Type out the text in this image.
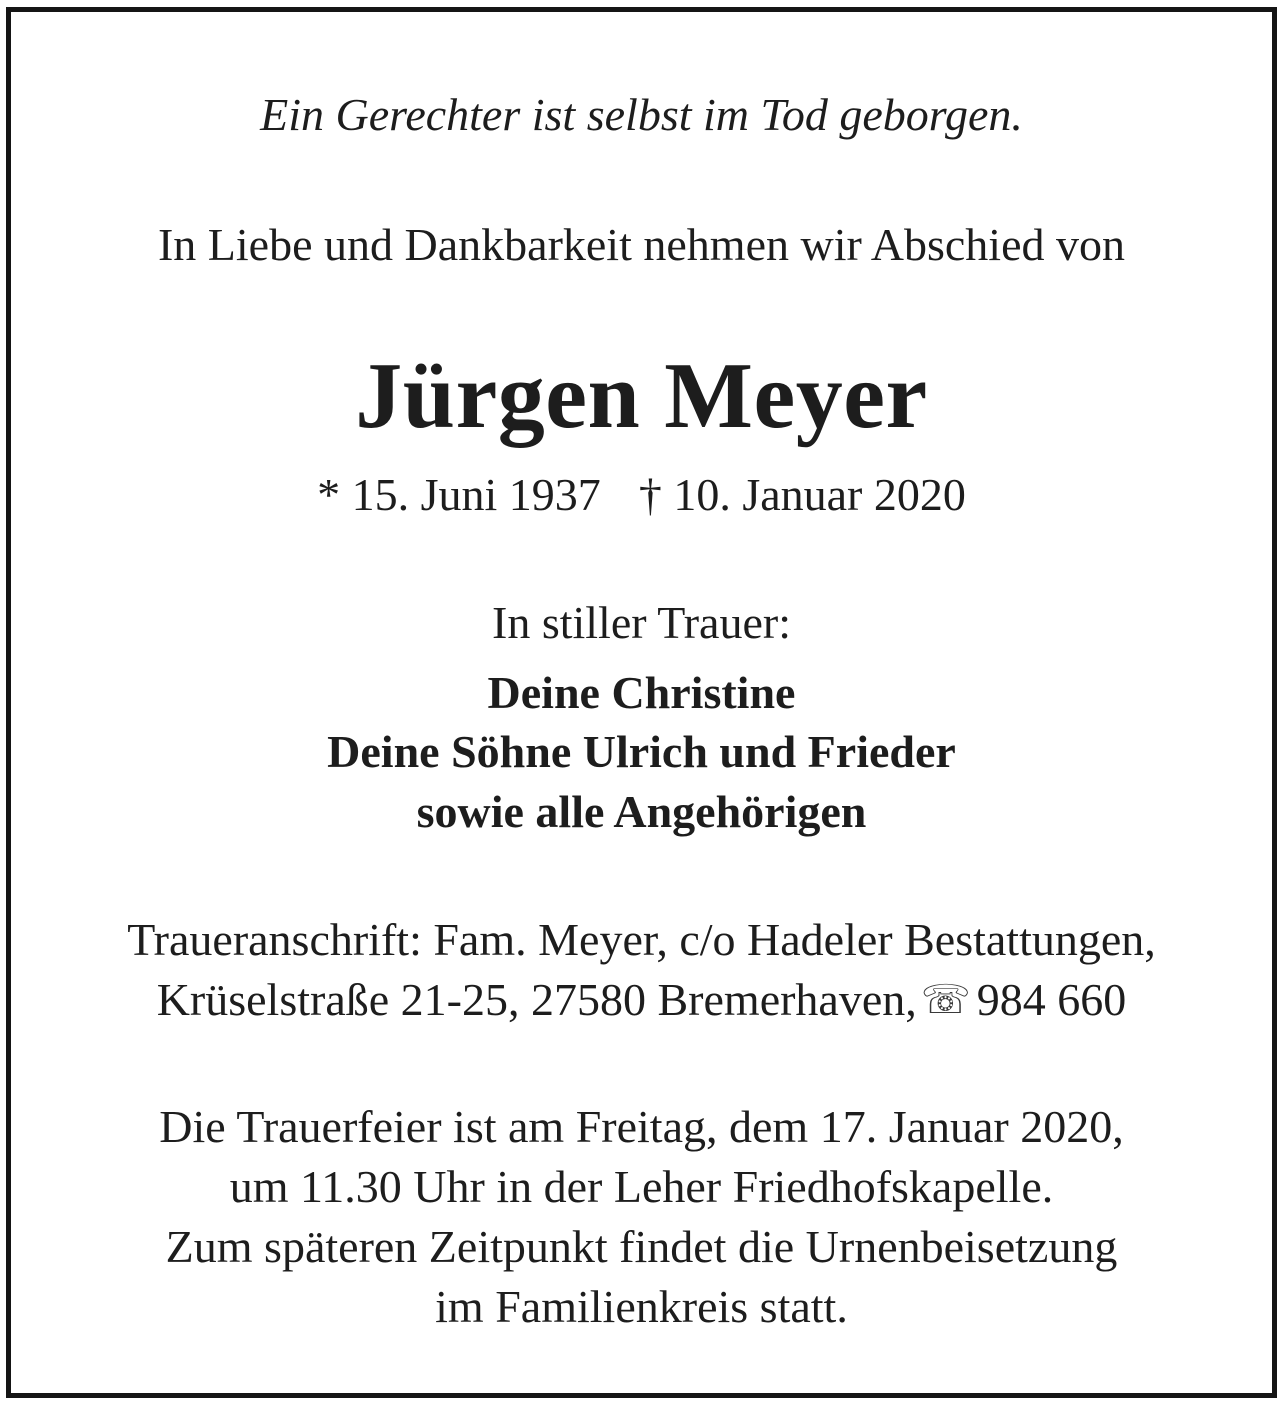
Ein Gerechter ist selbst im Tod geborgen.
In Liebe und Dankbarkeit nehmen wir Abschied von
Jürgen Meyer
* 15. Juni 1937 † 10. Januar 2020
In stiller Trauer:
Deine Christine
Deine Söhne Ulrich und Frieder
sowie alle Angehörigen
Traueranschrift: Fam. Meyer, c/o Hadeler Bestattungen,
Krüselstraße 21-25, 27580 Bremerhaven, ☏ 984 660
Die Trauerfeier ist am Freitag, dem 17. Januar 2020,
um 11.30 Uhr in der Leher Friedhofskapelle.
Zum späteren Zeitpunkt findet die Urnenbeisetzung
im Familienkreis statt.
